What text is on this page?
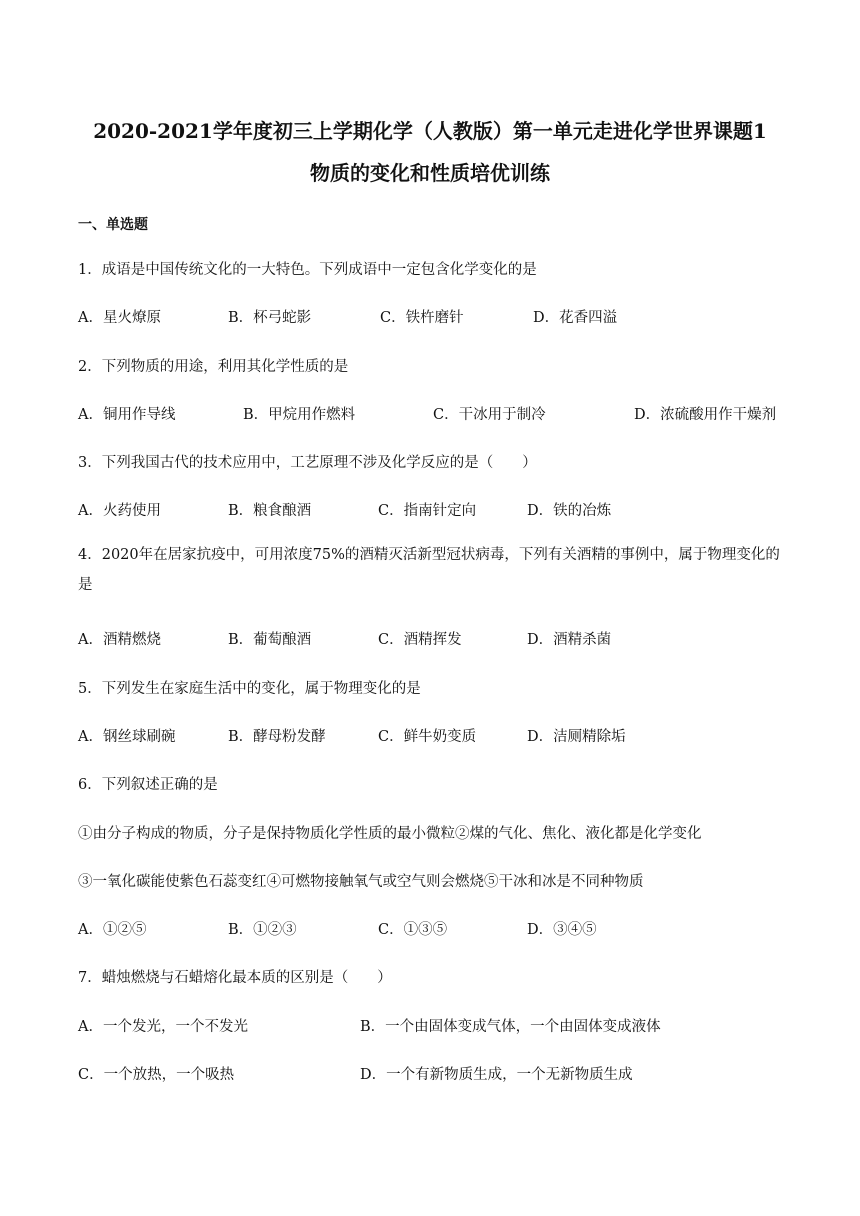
2020-2021学年度初三上学期化学（人教版）第一单元走进化学世界课题1
物质的变化和性质培优训练
一、单选题
1．成语是中国传统文化的一大特色。下列成语中一定包含化学变化的是
A．星火燎原	B．杯弓蛇影	C．铁杵磨针	D．花香四溢
2．下列物质的用途，利用其化学性质的是
A．铜用作导线	B．甲烷用作燃料	C．干冰用于制冷	D．浓硫酸用作干燥剂
3．下列我国古代的技术应用中，工艺原理不涉及化学反应的是（　　）
A．火药使用	B．粮食酿酒	C．指南针定向	D．铁的冶炼
4．2020年在居家抗疫中，可用浓度75%的酒精灭活新型冠状病毒，下列有关酒精的事例中，属于物理变化的是
A．酒精燃烧	B．葡萄酿酒	C．酒精挥发	D．酒精杀菌
5．下列发生在家庭生活中的变化，属于物理变化的是
A．钢丝球刷碗	B．酵母粉发酵	C．鲜牛奶变质	D．洁厕精除垢
6．下列叙述正确的是
①由分子构成的物质，分子是保持物质化学性质的最小微粒②煤的气化、焦化、液化都是化学变化
③一氧化碳能使紫色石蕊变红④可燃物接触氧气或空气则会燃烧⑤干冰和冰是不同种物质
A．①②⑤	B．①②③	C．①③⑤	D．③④⑤
7．蜡烛燃烧与石蜡熔化最本质的区别是（　　）
A．一个发光，一个不发光	B．一个由固体变成气体，一个由固体变成液体
C．一个放热，一个吸热	D．一个有新物质生成，一个无新物质生成
